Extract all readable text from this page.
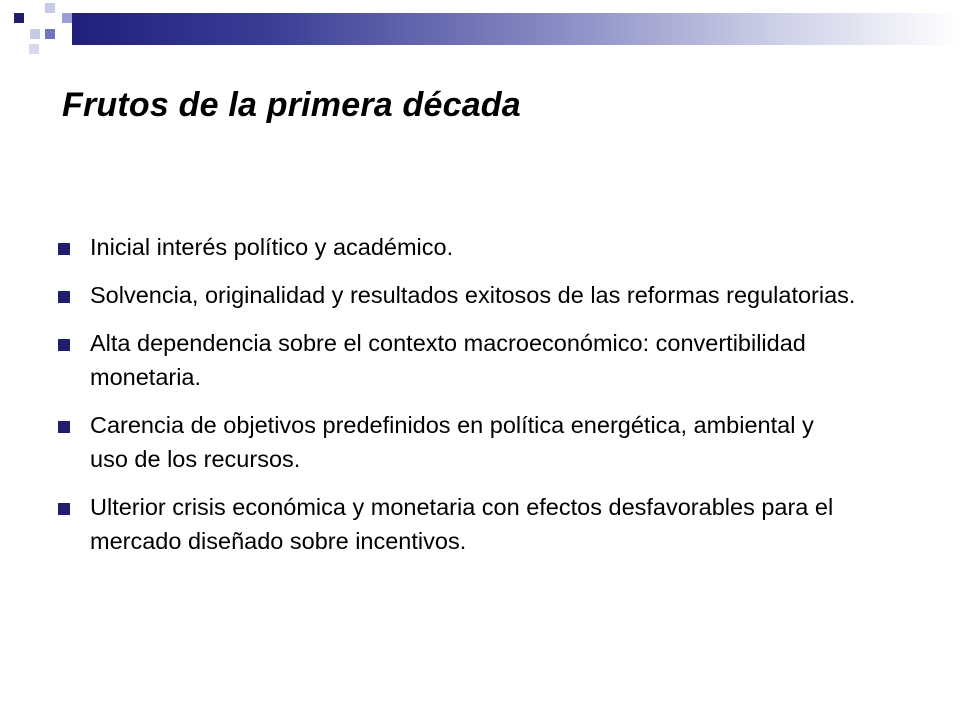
Frutos de la primera década
Inicial interés político y académico.
Solvencia, originalidad y resultados exitosos de las reformas regulatorias.
Alta dependencia sobre el contexto macroeconómico: convertibilidad monetaria.
Carencia de objetivos predefinidos en política energética, ambiental y uso de los recursos.
Ulterior crisis económica y monetaria con efectos desfavorables para el mercado diseñado sobre incentivos.
